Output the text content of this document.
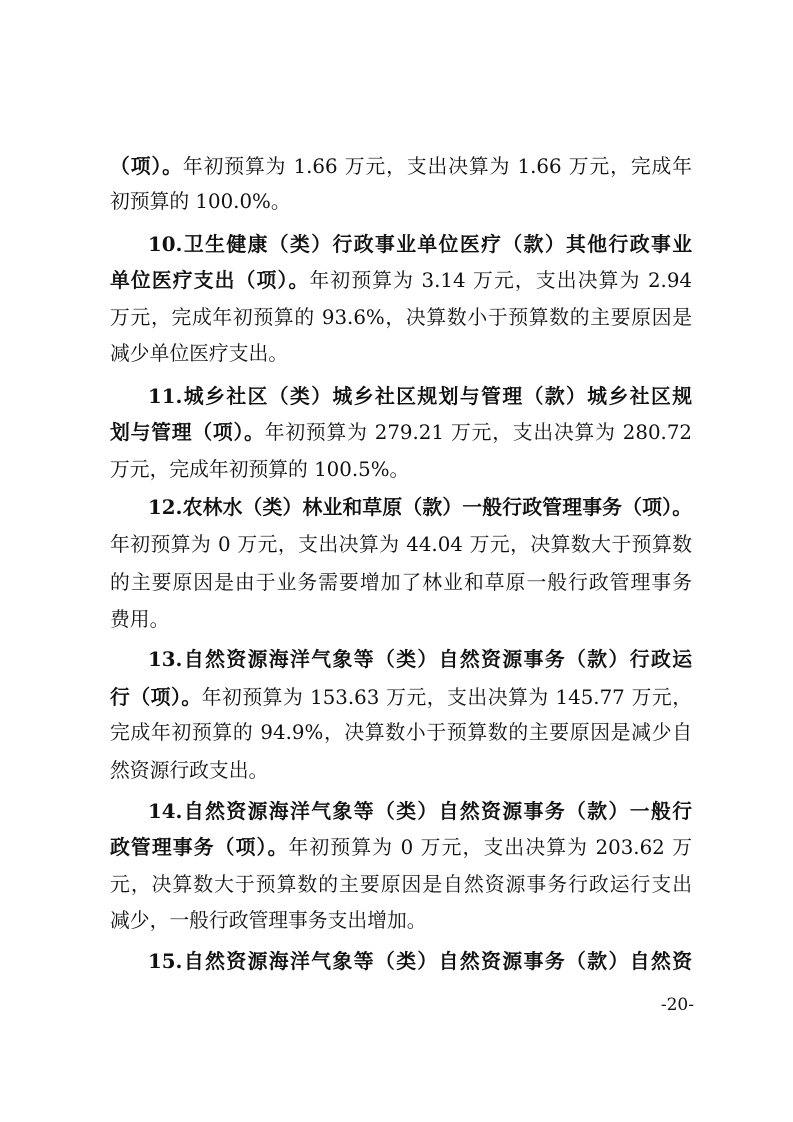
（项）。年初预算为 1.66 万元，支出决算为 1.66 万元，完成年
初预算的 100.0%。
10.卫生健康（类）行政事业单位医疗（款）其他行政事业
单位医疗支出（项）。年初预算为 3.14 万元，支出决算为 2.94
万元，完成年初预算的 93.6%，决算数小于预算数的主要原因是
减少单位医疗支出。
11.城乡社区（类）城乡社区规划与管理（款）城乡社区规
划与管理（项）。年初预算为 279.21 万元，支出决算为 280.72
万元，完成年初预算的 100.5%。
12.农林水（类）林业和草原（款）一般行政管理事务（项）。
年初预算为 0 万元，支出决算为 44.04 万元，决算数大于预算数
的主要原因是由于业务需要增加了林业和草原一般行政管理事务
费用。
13.自然资源海洋气象等（类）自然资源事务（款）行政运
行（项）。年初预算为 153.63 万元，支出决算为 145.77 万元，
完成年初预算的 94.9%，决算数小于预算数的主要原因是减少自
然资源行政支出。
14.自然资源海洋气象等（类）自然资源事务（款）一般行
政管理事务（项）。年初预算为 0 万元，支出决算为 203.62 万
元，决算数大于预算数的主要原因是自然资源事务行政运行支出
减少，一般行政管理事务支出增加。
15.自然资源海洋气象等（类）自然资源事务（款）自然资
-20-
